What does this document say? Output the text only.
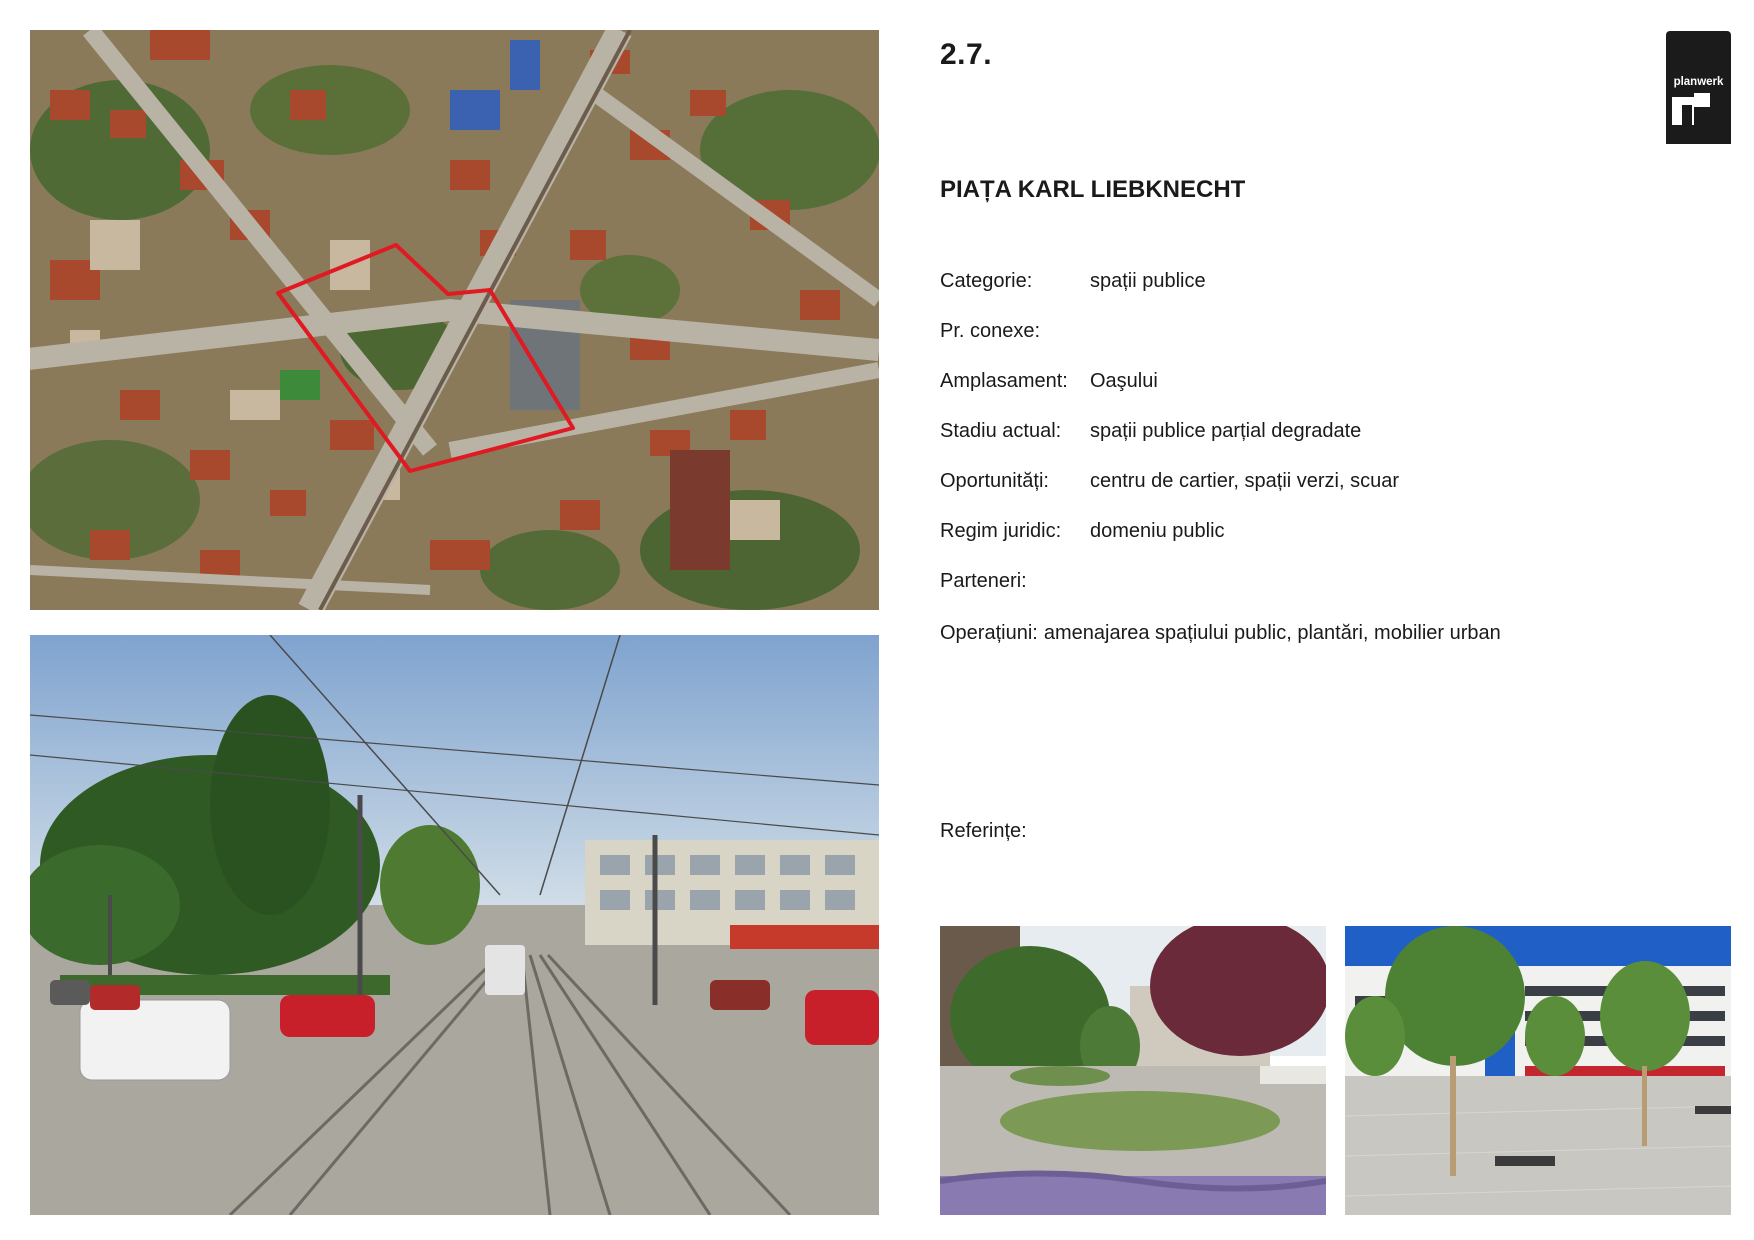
2.7.
PIAȚA KARL LIEBKNECHT
Categorie:	spații publice
Pr. conexe:
Amplasament:	Oaşului
Stadiu actual:	spații publice parțial degradate
Oportunități:	centru de cartier, spații verzi, scuar
Regim juridic:	domeniu public
Parteneri:
Operațiuni: amenajarea spațiului public, plantări, mobilier urban
Referințe:
planwerk
